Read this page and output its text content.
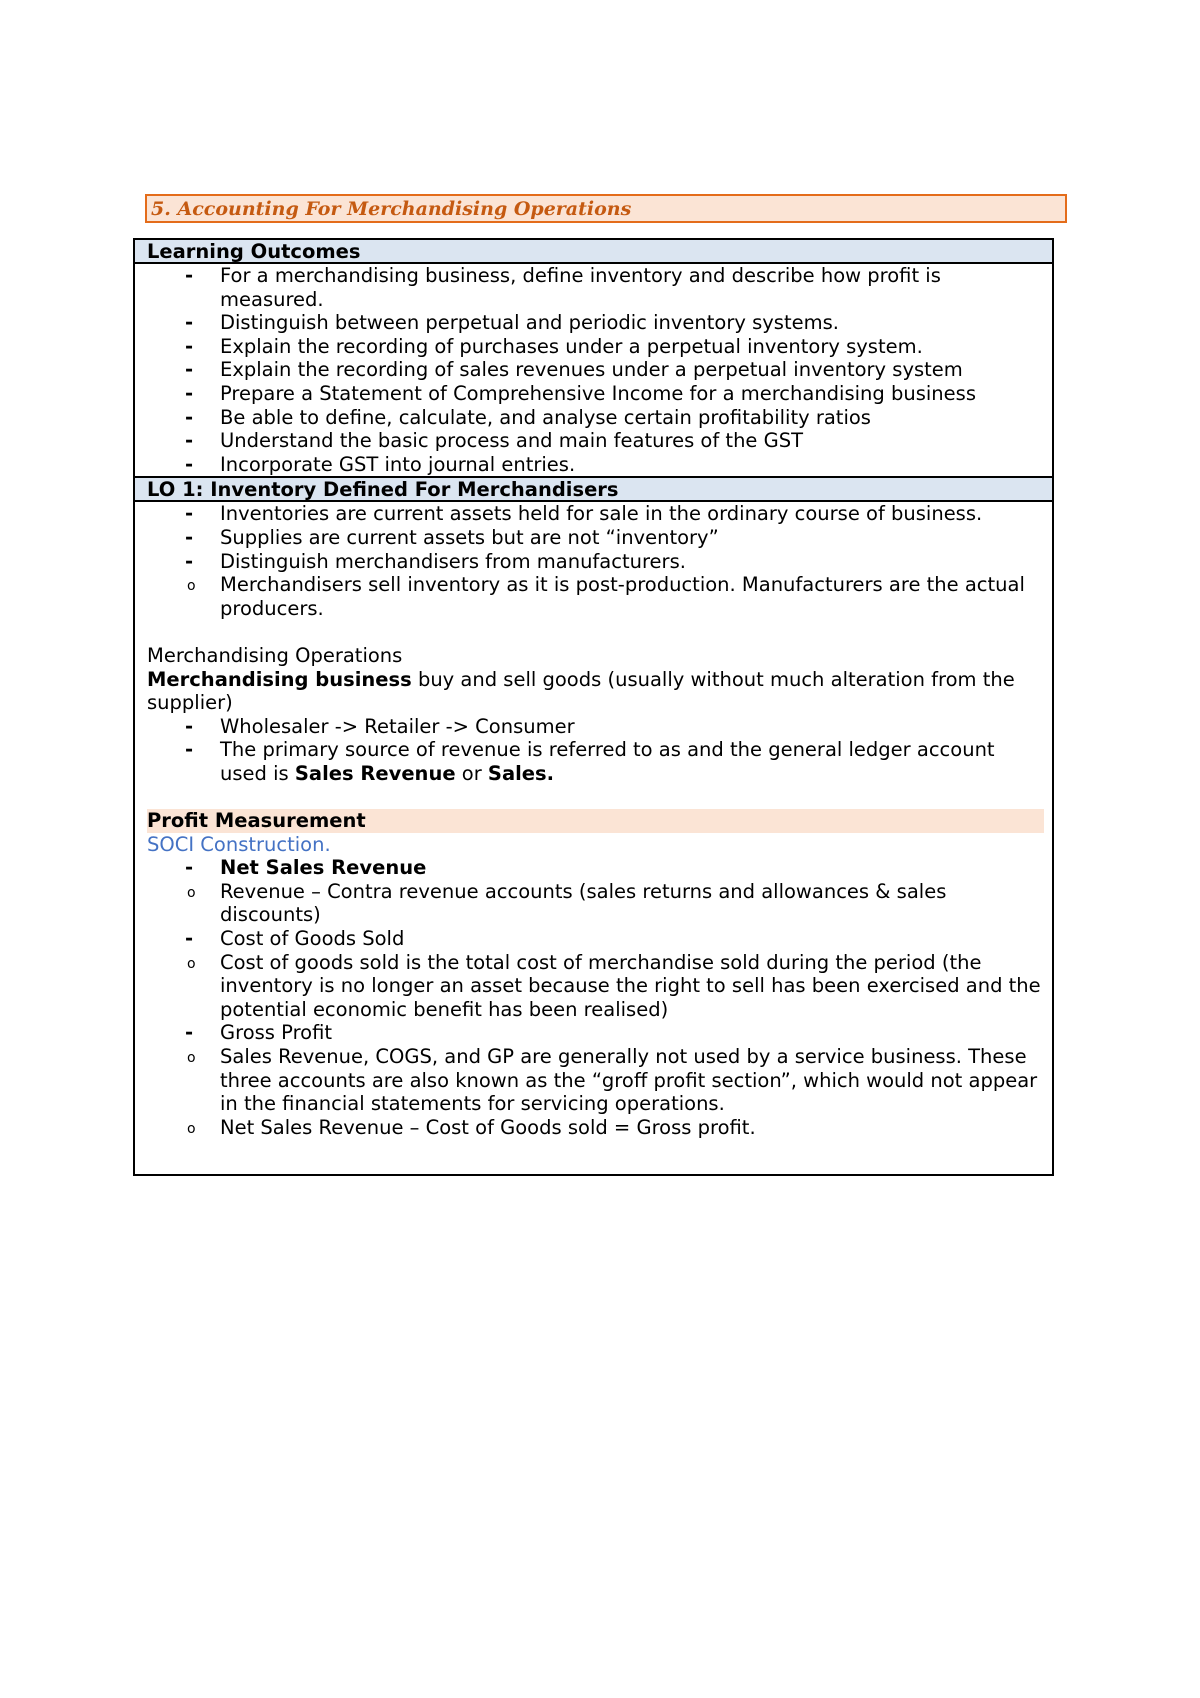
5. Accounting For Merchandising Operations
Learning Outcomes
- For a merchandising business, define inventory and describe how profit is measured.
- Distinguish between perpetual and periodic inventory systems.
- Explain the recording of purchases under a perpetual inventory system.
- Explain the recording of sales revenues under a perpetual inventory system
- Prepare a Statement of Comprehensive Income for a merchandising business
- Be able to define, calculate, and analyse certain profitability ratios
- Understand the basic process and main features of the GST
- Incorporate GST into journal entries.
LO 1: Inventory Defined For Merchandisers
- Inventories are current assets held for sale in the ordinary course of business.
- Supplies are current assets but are not “inventory”
- Distinguish merchandisers from manufacturers.
o Merchandisers sell inventory as it is post-production. Manufacturers are the actual producers.

Merchandising Operations

Merchandising business buy and sell goods (usually without much alteration from the supplier)

- Wholesaler -> Retailer -> Consumer
- The primary source of revenue is referred to as and the general ledger account used is Sales Revenue or Sales.
Profit Measurement
SOCI Construction.
- Net Sales Revenue
o Revenue – Contra revenue accounts (sales returns and allowances & sales discounts)
- Cost of Goods Sold
o Cost of goods sold is the total cost of merchandise sold during the period (the inventory is no longer an asset because the right to sell has been exercised and the potential economic benefit has been realised)
- Gross Profit
o Sales Revenue, COGS, and GP are generally not used by a service business. These three accounts are also known as the “groff profit section”, which would not appear in the financial statements for servicing operations.
o Net Sales Revenue – Cost of Goods sold = Gross profit.
